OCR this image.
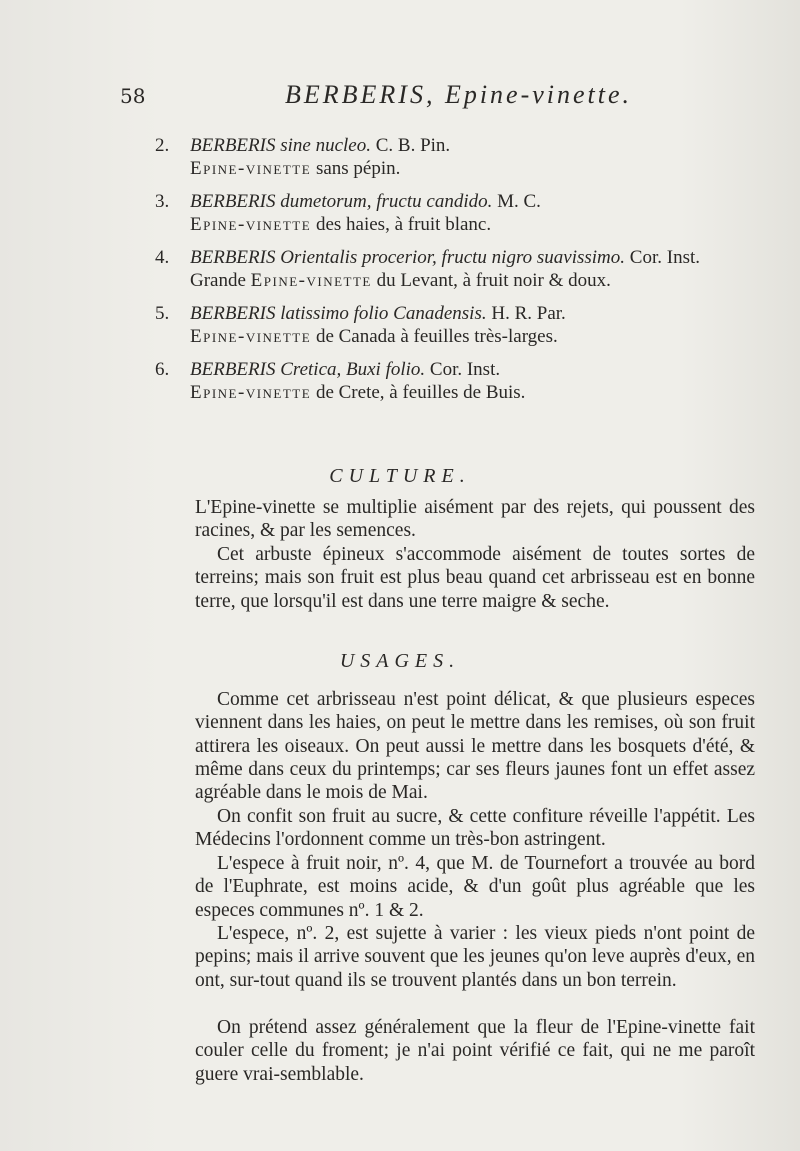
58	BERBERIS, Epine-vinette.
2. BERBERIS sine nucleo. C. B. Pin.
Epine-vinette sans pépin.
3. BERBERIS dumetorum, fructu candido. M. C.
Epine-vinette des haies, à fruit blanc.
4. BERBERIS Orientalis procerior, fructu nigro suavissimo. Cor. Inst.
Grande Epine-vinette du Levant, à fruit noir & doux.
5. BERBERIS latissimo folio Canadensis. H. R. Par.
Epine-vinette de Canada à feuilles très-larges.
6. BERBERIS Cretica, Buxi folio. Cor. Inst.
Epine-vinette de Crete, à feuilles de Buis.
CULTURE.

L'Epine-vinette se multiplie aisément par des rejets, qui poussent des racines, & par les semences.

Cet arbuste épineux s'accommode aisément de toutes sortes de terreins; mais son fruit est plus beau quand cet arbrisseau est en bonne terre, que lorsqu'il est dans une terre maigre & seche.

USAGES.

Comme cet arbrisseau n'est point délicat, & que plusieurs especes viennent dans les haies, on peut le mettre dans les remises, où son fruit attirera les oiseaux. On peut aussi le mettre dans les bosquets d'été, & même dans ceux du printemps; car ses fleurs jaunes font un effet assez agréable dans le mois de Mai.

On confit son fruit au sucre, & cette confiture réveille l'appétit. Les Médecins l'ordonnent comme un très-bon astringent.

L'espece à fruit noir, nº. 4, que M. de Tournefort a trouvée au bord de l'Euphrate, est moins acide, & d'un goût plus agréable que les especes communes nº. 1 & 2.

L'espece, nº. 2, est sujette à varier : les vieux pieds n'ont point de pepins; mais il arrive souvent que les jeunes qu'on leve auprès d'eux, en ont, sur-tout quand ils se trouvent plantés dans un bon terrein.

On prétend assez généralement que la fleur de l'Epine-vinette fait couler celle du froment; je n'ai point vérifié ce fait, qui ne me paroît guere vrai-semblable.
